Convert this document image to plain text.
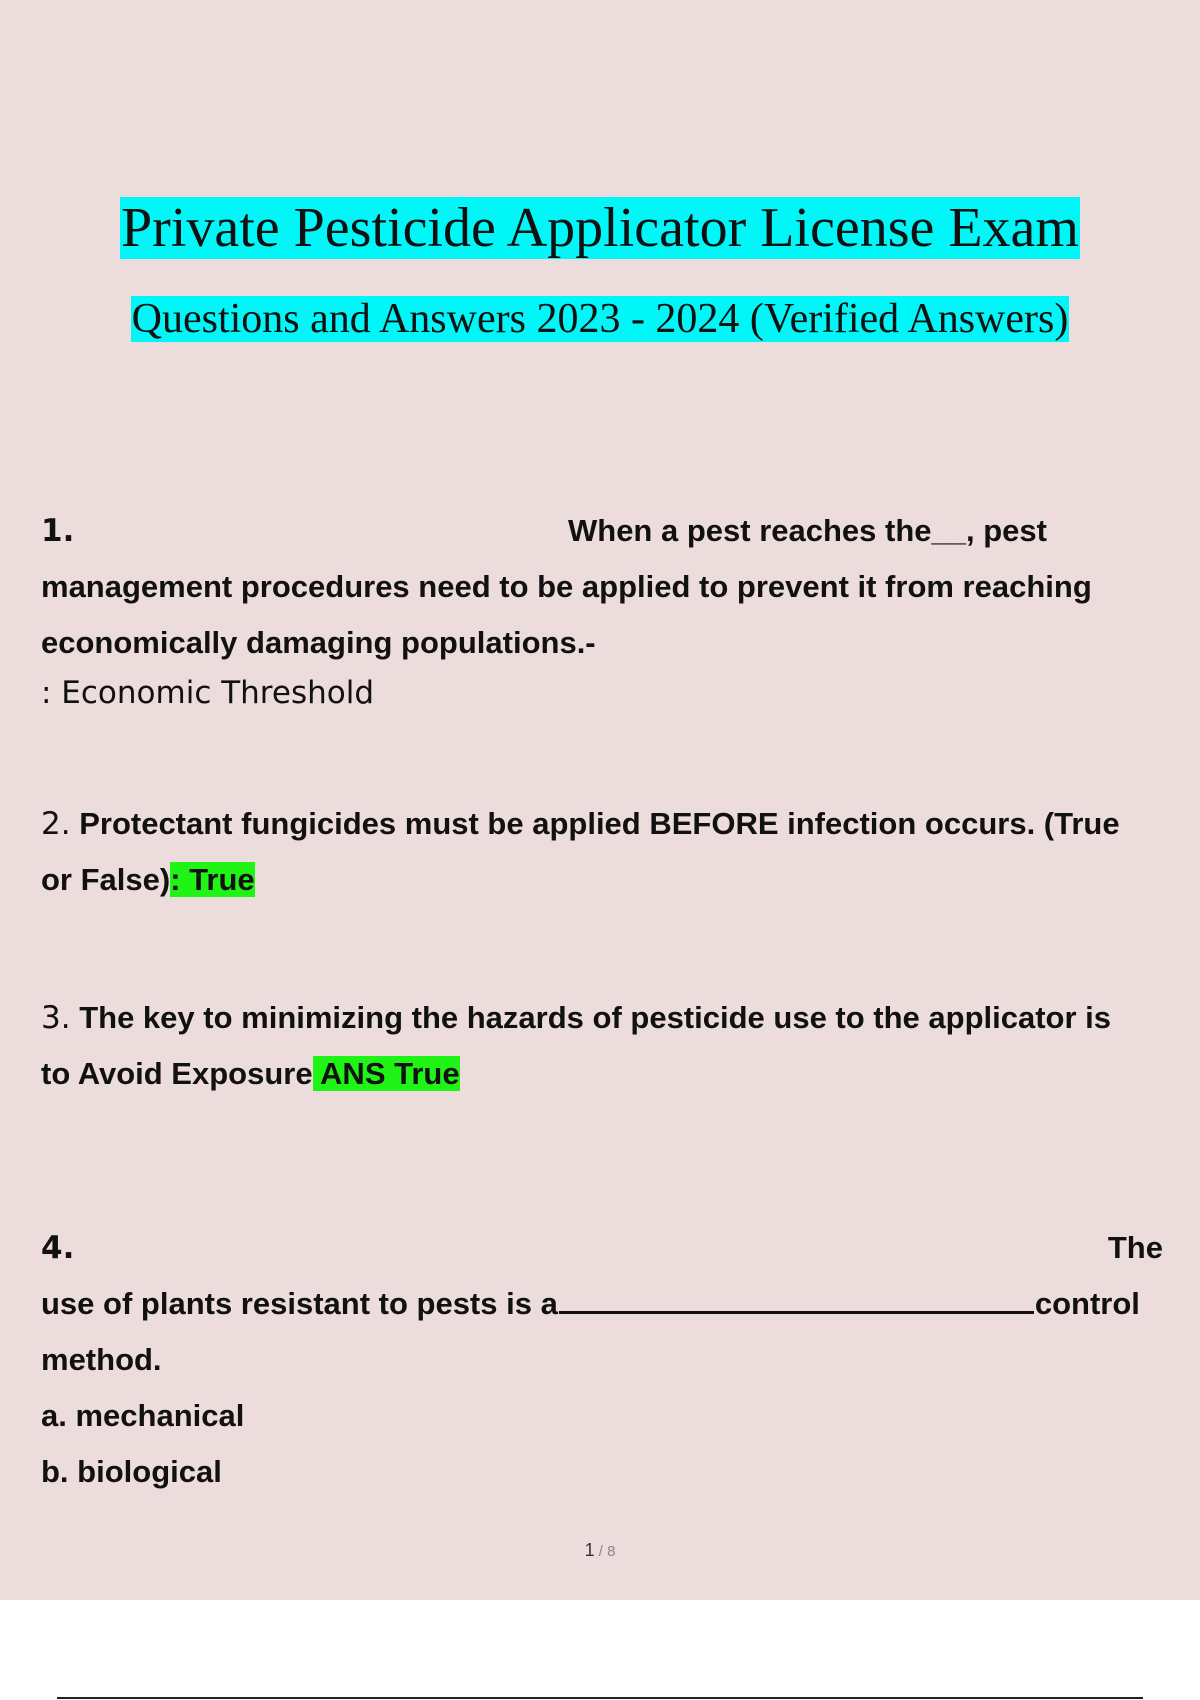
Private Pesticide Applicator License Exam
Questions and Answers 2023 - 2024 (Verified Answers)
1.	When a pest reaches the__, pest
management procedures need to be applied to prevent it from reaching
economically damaging populations.-
: Economic Threshold
2. Protectant fungicides must be applied BEFORE infection occurs. (True
or False): True
3. The key to minimizing the hazards of pesticide use to the applicator is
to Avoid Exposure ANS True
4.	The
use of plants resistant to pests is a	control
method.
a. mechanical
b. biological
1 / 8
